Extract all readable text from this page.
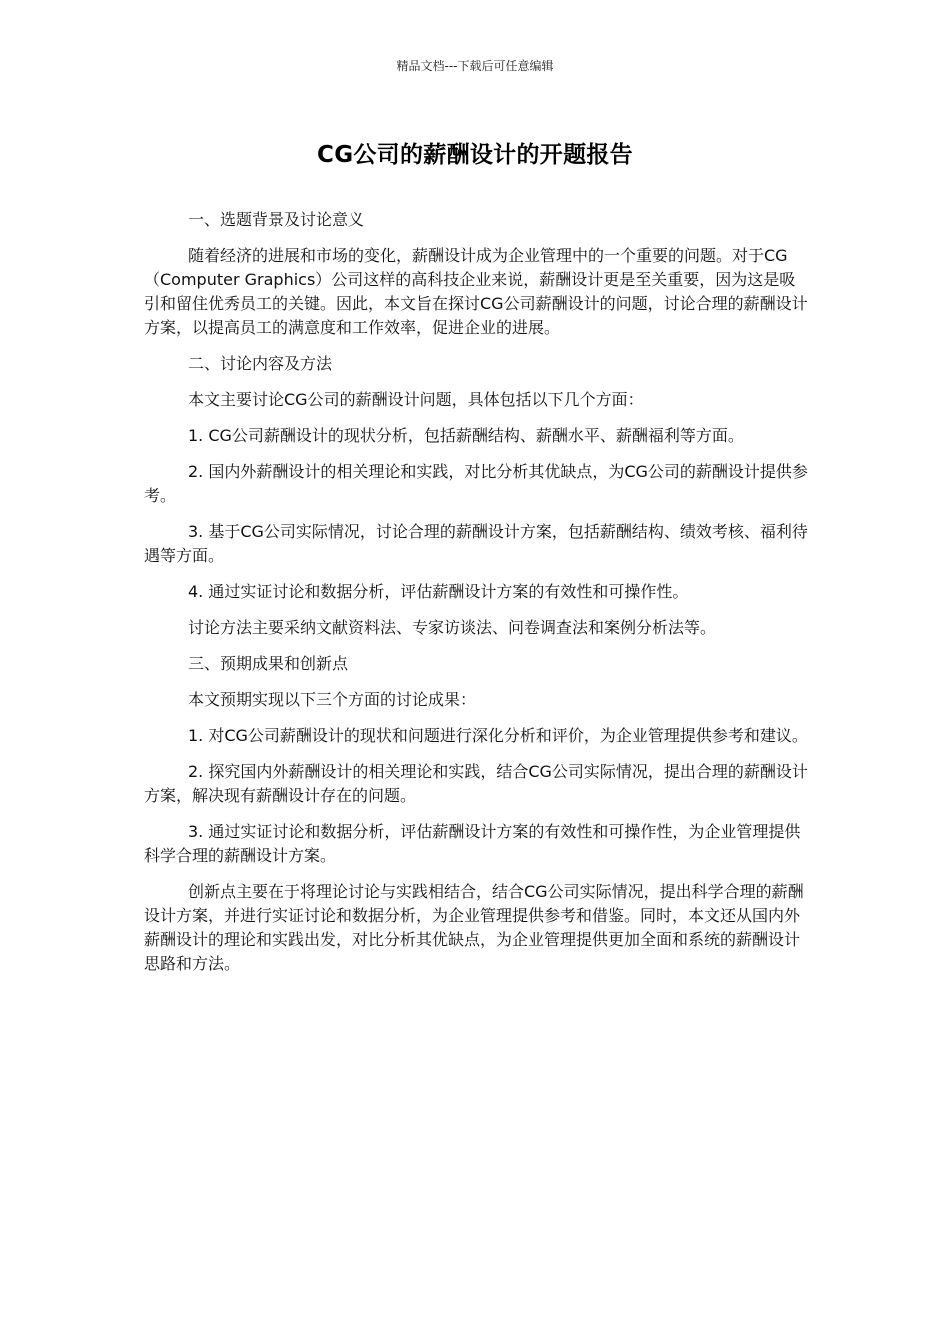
精品文档---下载后可任意编辑
CG公司的薪酬设计的开题报告

一、选题背景及讨论意义

随着经济的进展和市场的变化，薪酬设计成为企业管理中的一个重要的问题。对于CG（Computer Graphics）公司这样的高科技企业来说，薪酬设计更是至关重要，因为这是吸引和留住优秀员工的关键。因此，本文旨在探讨CG公司薪酬设计的问题，讨论合理的薪酬设计方案，以提高员工的满意度和工作效率，促进企业的进展。

二、讨论内容及方法

本文主要讨论CG公司的薪酬设计问题，具体包括以下几个方面：

1. CG公司薪酬设计的现状分析，包括薪酬结构、薪酬水平、薪酬福利等方面。

2. 国内外薪酬设计的相关理论和实践，对比分析其优缺点，为CG公司的薪酬设计提供参考。

3. 基于CG公司实际情况，讨论合理的薪酬设计方案，包括薪酬结构、绩效考核、福利待遇等方面。

4. 通过实证讨论和数据分析，评估薪酬设计方案的有效性和可操作性。

讨论方法主要采纳文献资料法、专家访谈法、问卷调查法和案例分析法等。

三、预期成果和创新点

本文预期实现以下三个方面的讨论成果：

1. 对CG公司薪酬设计的现状和问题进行深化分析和评价，为企业管理提供参考和建议。

2. 探究国内外薪酬设计的相关理论和实践，结合CG公司实际情况，提出合理的薪酬设计方案，解决现有薪酬设计存在的问题。

3. 通过实证讨论和数据分析，评估薪酬设计方案的有效性和可操作性，为企业管理提供科学合理的薪酬设计方案。

创新点主要在于将理论讨论与实践相结合，结合CG公司实际情况，提出科学合理的薪酬设计方案，并进行实证讨论和数据分析，为企业管理提供参考和借鉴。同时，本文还从国内外薪酬设计的理论和实践出发，对比分析其优缺点，为企业管理提供更加全面和系统的薪酬设计思路和方法。
